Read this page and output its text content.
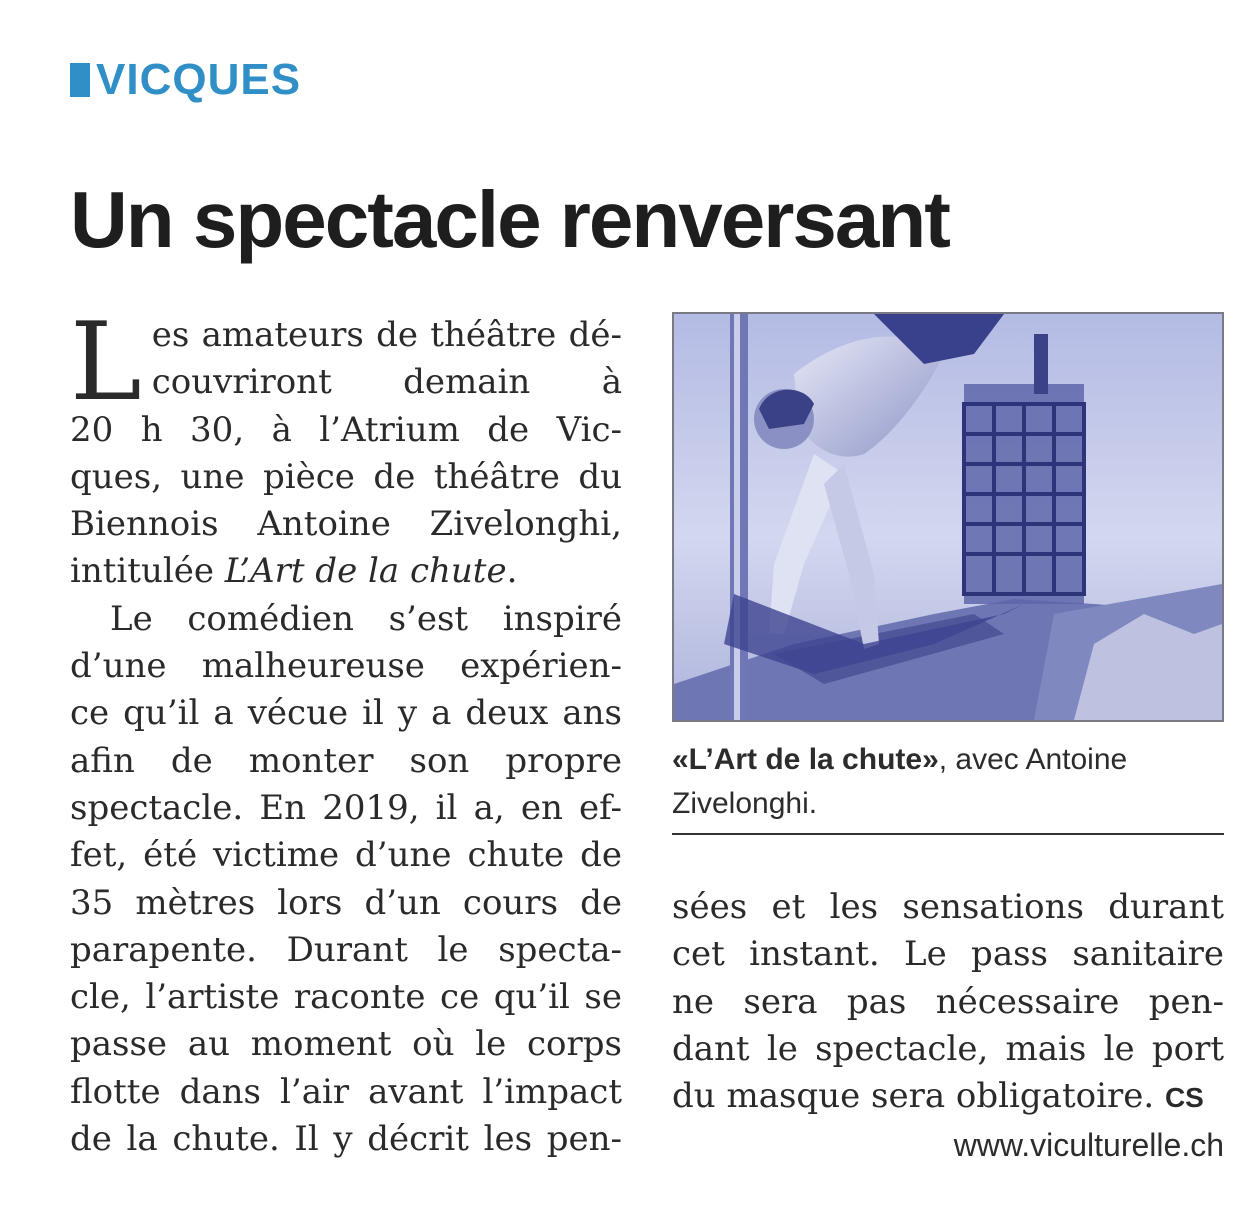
VICQUES
Un spectacle renversant

L es amateurs de théâtre dé-
couvriront demain à
20 h 30, à l’Atrium de Vic-
ques, une pièce de théâtre du
Biennois Antoine Zivelonghi,
intitulée L’Art de la chute.

Le comédien s’est inspiré
d’une malheureuse expérien-
ce qu’il a vécue il y a deux ans
afin de monter son propre
spectacle. En 2019, il a, en ef-
fet, été victime d’une chute de
35 mètres lors d’un cours de
parapente. Durant le specta-
cle, l’artiste raconte ce qu’il se
passe au moment où le corps
flotte dans l’air avant l’impact
de la chute. Il y décrit les pen-

«L’Art de la chute», avec Antoine Zivelonghi.
sées et les sensations durant
cet instant. Le pass sanitaire
ne sera pas nécessaire pen-
dant le spectacle, mais le port
du masque sera obligatoire. CS
www.viculturelle.ch
